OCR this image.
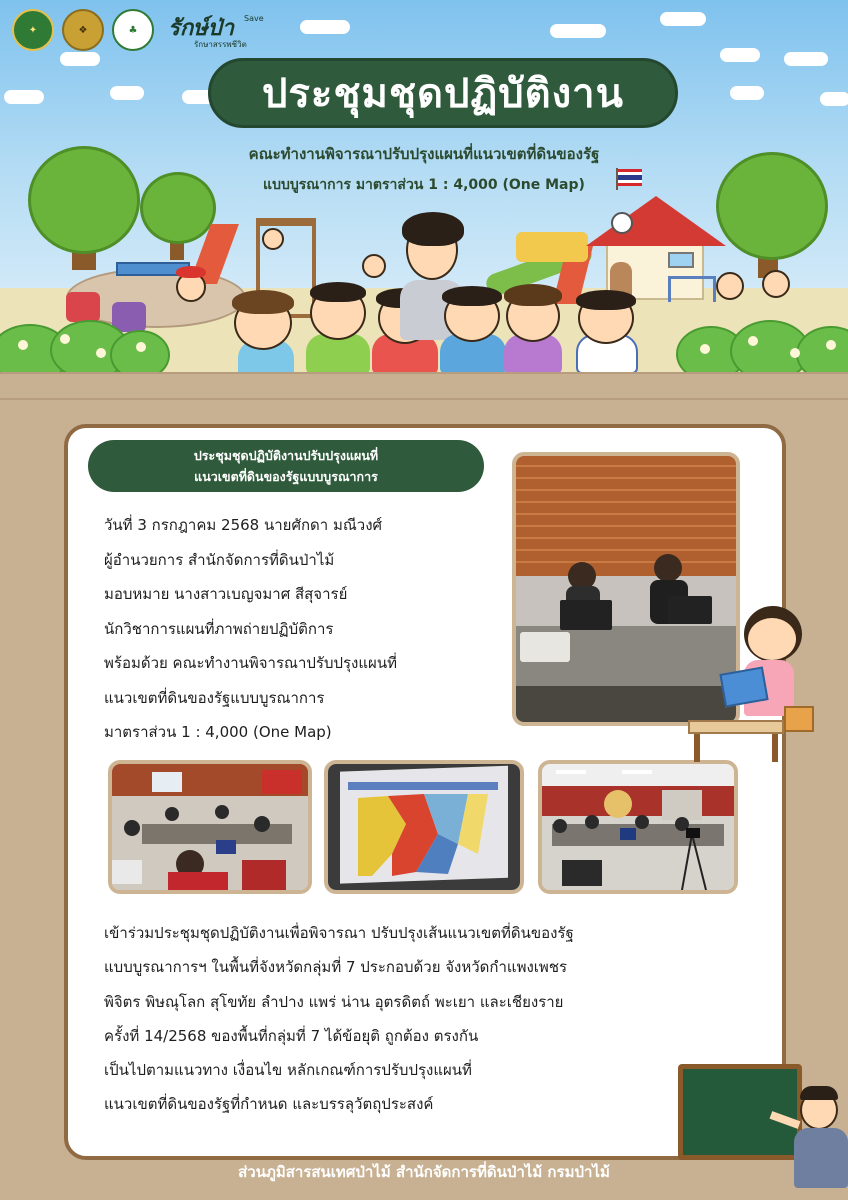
✦	❖	♣	รักษ์ป่า Save
รักษาสรรพชีวิต
ประชุมชุดปฏิบัติงาน
คณะทำงานพิจารณาปรับปรุงแผนที่แนวเขตที่ดินของรัฐ
แบบบูรณาการ มาตราส่วน 1 : 4,000 (One Map)
ประชุมชุดปฏิบัติงานปรับปรุงแผนที่
แนวเขตที่ดินของรัฐแบบบูรณาการ
วันที่ 3 กรกฎาคม 2568 นายศักดา มณีวงศ์
ผู้อำนวยการ สำนักจัดการที่ดินป่าไม้
มอบหมาย นางสาวเบญจมาศ สีสุจารย์
นักวิชาการแผนที่ภาพถ่ายปฏิบัติการ
พร้อมด้วย คณะทำงานพิจารณาปรับปรุงแผนที่
แนวเขตที่ดินของรัฐแบบบูรณาการ
มาตราส่วน 1 : 4,000 (One Map)
เข้าร่วมประชุมชุดปฏิบัติงานเพื่อพิจารณา ปรับปรุงเส้นแนวเขตที่ดินของรัฐ
แบบบูรณาการฯ ในพื้นที่จังหวัดกลุ่มที่ 7 ประกอบด้วย จังหวัดกำแพงเพชร
พิจิตร พิษณุโลก สุโขทัย ลำปาง แพร่ น่าน อุตรดิตถ์ พะเยา และเชียงราย
ครั้งที่ 14/2568 ของพื้นที่กลุ่มที่ 7 ได้ข้อยุติ ถูกต้อง ตรงกัน
เป็นไปตามแนวทาง เงื่อนไข หลักเกณฑ์การปรับปรุงแผนที่
แนวเขตที่ดินของรัฐที่กำหนด และบรรลุวัตถุประสงค์
ส่วนภูมิสารสนเทศป่าไม้ สำนักจัดการที่ดินป่าไม้ กรมป่าไม้
